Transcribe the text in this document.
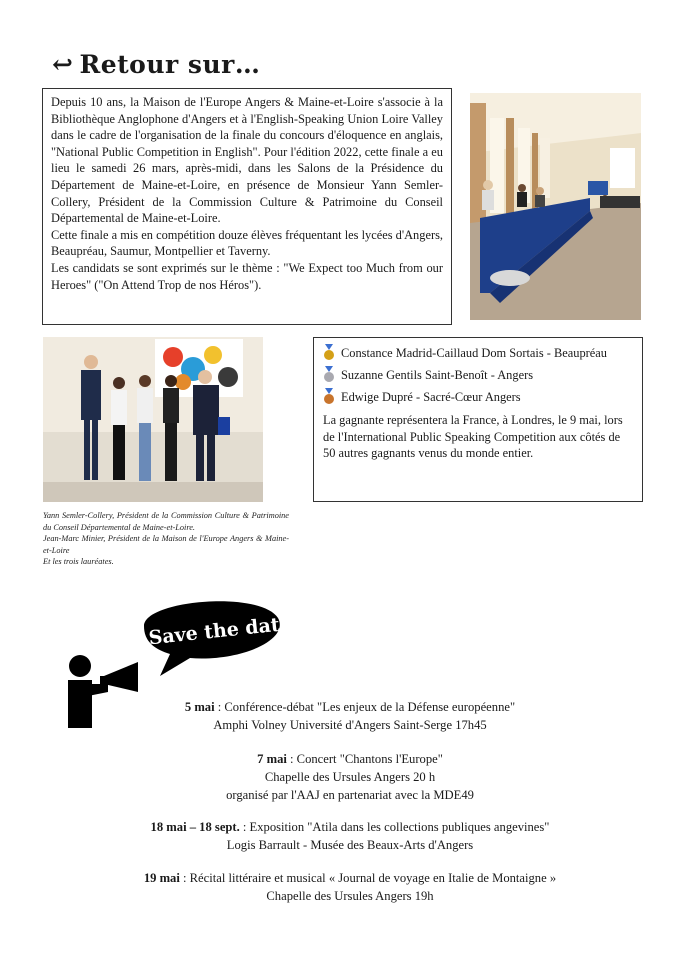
↩ Retour sur…

Depuis 10 ans, la Maison de l'Europe Angers & Maine-et-Loire s'associe à la Bibliothèque Anglophone d'Angers et à l'English-Speaking Union Loire Valley dans le cadre de l'organisation de la finale du concours d'éloquence en anglais, "National Public Competition in English". Pour l'édition 2022, cette finale a eu lieu le samedi 26 mars, après-midi, dans les Salons de la Présidence du Département de Maine-et-Loire, en présence de Monsieur Yann Semler-Collery, Président de la Commission Culture & Patrimoine du Conseil Départemental de Maine-et-Loire.

Cette finale a mis en compétition douze élèves fréquentant les lycées d'Angers, Beaupréau, Saumur, Montpellier et Taverny.

Les candidats se sont exprimés sur le thème : "We Expect too Much from our Heroes" ("On Attend Trop de nos Héros").

Yann Semler-Collery, Président de la Commission Culture & Patrimoine du Conseil Départemental de Maine-et-Loire.
Jean-Marc Minier, Président de la Maison de l'Europe Angers & Maine-et-Loire
Et les trois lauréates.
Constance Madrid-Caillaud Dom Sortais - Beaupréau
Suzanne Gentils Saint-Benoît - Angers
Edwige Dupré - Sacré-Cœur Angers
La gagnante représentera la France, à Londres, le 9 mai, lors de l'International Public Speaking Competition aux côtés de 50 autres gagnants venus du monde entier.
Save the dates !
5 mai : Conférence-débat "Les enjeux de la Défense européenne"
Amphi Volney Université d'Angers Saint-Serge 17h45
7 mai : Concert "Chantons l'Europe"
Chapelle des Ursules Angers 20 h
organisé par l'AAJ en partenariat avec la MDE49
18 mai – 18 sept. : Exposition "Atila dans les collections publiques angevines"
Logis Barrault - Musée des Beaux-Arts d'Angers
19 mai : Récital littéraire et musical « Journal de voyage en Italie de Montaigne »
Chapelle des Ursules Angers 19h
